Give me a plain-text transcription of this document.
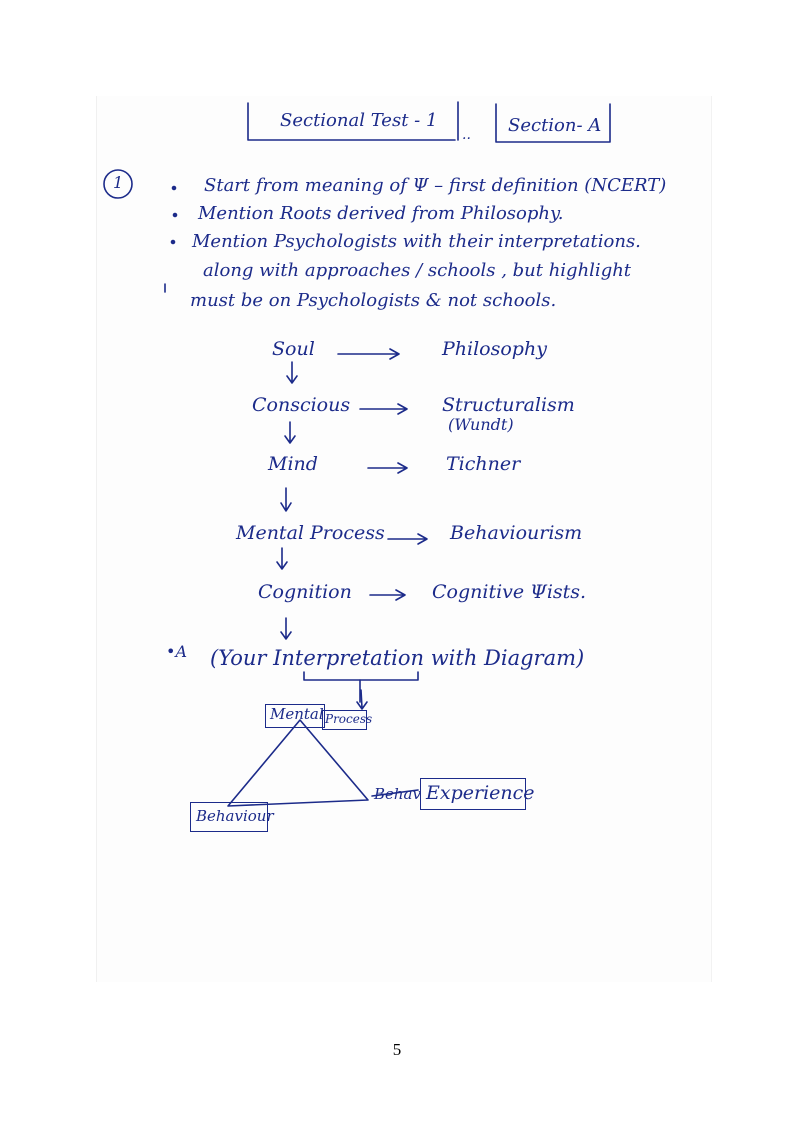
Sectional Test - 1
.. Section- A
1	Start from meaning of Ψ – first definition (NCERT)
Mention Roots derived from Philosophy.
Mention Psychologists with their interpretations.
along with approaches / schools , but highlight
must be on Psychologists & not schools.
Soul
Conscious
Mind
Mental Process
Cognition
Philosophy
Structuralism
(Wundt)
Tichner
Behaviourism
Cognitive Ψists.
•A (Your Interpretation with Diagram)
Mental Process
Behaviour
Behav Experience
5
